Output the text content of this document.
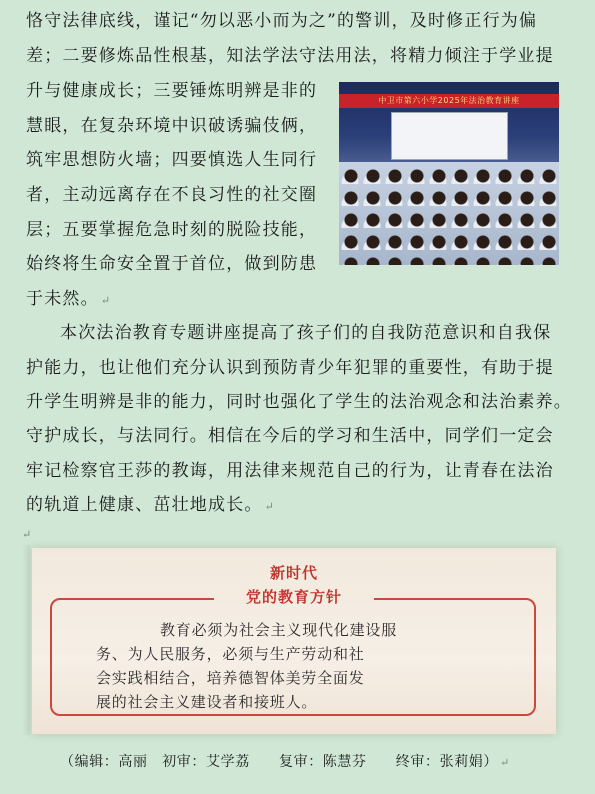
恪守法律底线，谨记“勿以恶小而为之”的警训，及时修正行为偏
差；二要修炼品性根基，知法学法守法用法，将精力倾注于学业提
升与健康成长；三要锤炼明辨是非的
慧眼，在复杂环境中识破诱骗伎俩，
筑牢思想防火墙；四要慎选人生同行
者，主动远离存在不良习性的社交圈
层；五要掌握危急时刻的脱险技能，
始终将生命安全置于首位，做到防患
于未然。 ↵
本次法治教育专题讲座提高了孩子们的自我防范意识和自我保
护能力，也让他们充分认识到预防青少年犯罪的重要性，有助于提
升学生明辨是非的能力，同时也强化了学生的法治观念和法治素养。
守护成长，与法同行。相信在今后的学习和生活中，同学们一定会
牢记检察官王莎的教诲，用法律来规范自己的行为，让青春在法治
的轨道上健康、茁壮地成长。 ↵
中卫市第六小学2025年法治教育讲座
↵
新时代
党的教育方针
教育必须为社会主义现代化建设服
务、为人民服务，必须与生产劳动和社
会实践相结合，培养德智体美劳全面发
展的社会主义建设者和接班人。
（编辑：高丽　初审：艾学荔　　复审：陈慧芬　　终审：张莉娟） ↵
